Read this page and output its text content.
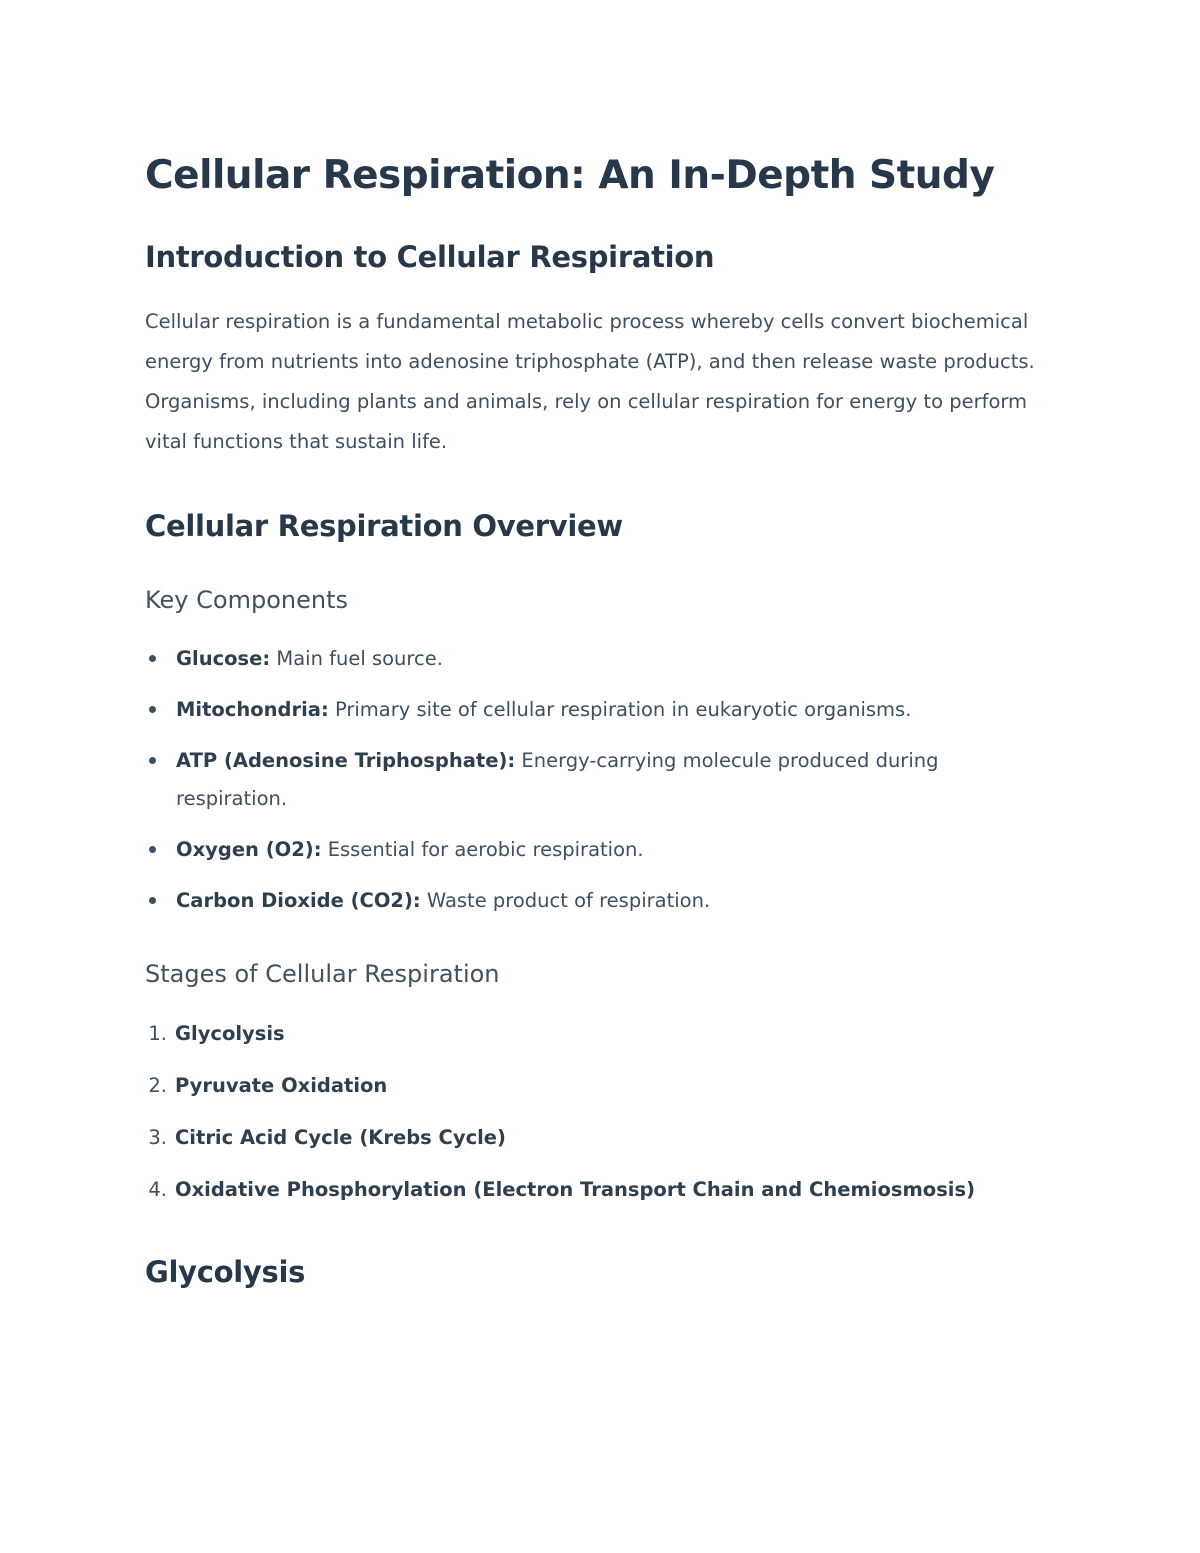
Cellular Respiration: An In-Depth Study
Introduction to Cellular Respiration

Cellular respiration is a fundamental metabolic process whereby cells convert biochemical energy from nutrients into adenosine triphosphate (ATP), and then release waste products. Organisms, including plants and animals, rely on cellular respiration for energy to perform vital functions that sustain life.

Cellular Respiration Overview
Key Components
Glucose: Main fuel source.
Mitochondria: Primary site of cellular respiration in eukaryotic organisms.
ATP (Adenosine Triphosphate): Energy-carrying molecule produced during respiration.
Oxygen (O2): Essential for aerobic respiration.
Carbon Dioxide (CO2): Waste product of respiration.
Stages of Cellular Respiration
1. Glycolysis
2. Pyruvate Oxidation
3. Citric Acid Cycle (Krebs Cycle)
4. Oxidative Phosphorylation (Electron Transport Chain and Chemiosmosis)
Glycolysis
